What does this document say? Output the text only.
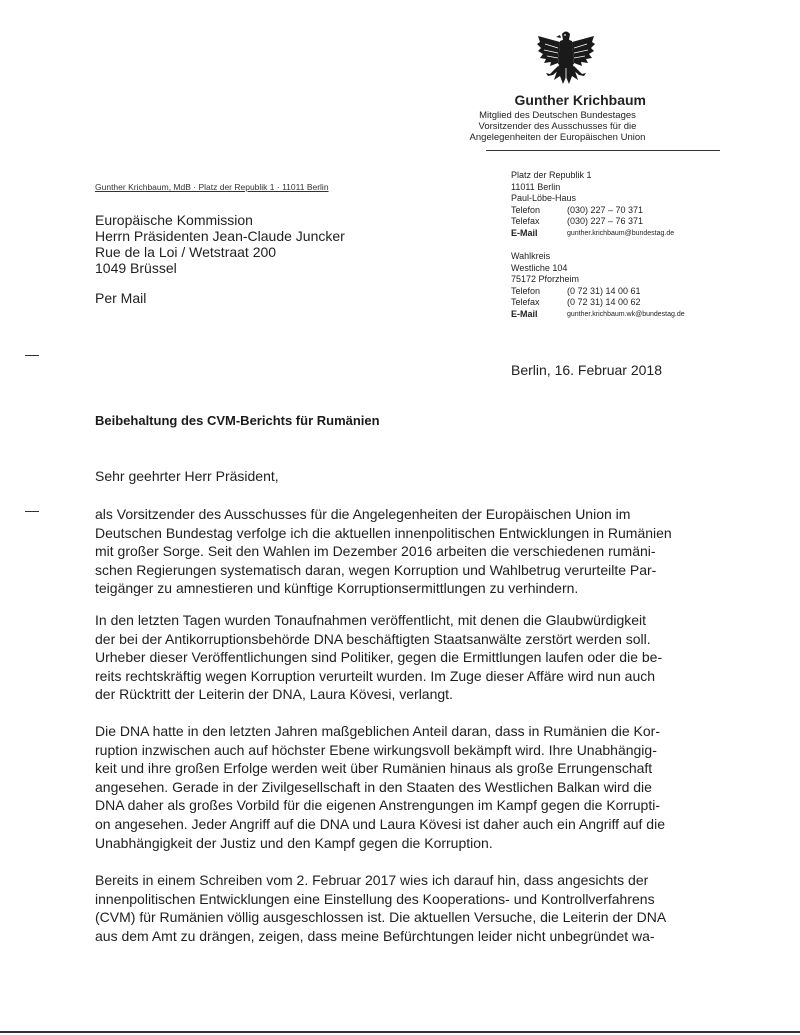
Gunther Krichbaum
Mitglied des Deutschen Bundestages
Vorsitzender des Ausschusses für die
Angelegenheiten der Europäischen Union
Gunther Krichbaum, MdB · Platz der Republik 1 · 11011 Berlin
Europäische Kommission
Herrn Präsidenten Jean-Claude Juncker
Rue de la Loi / Wetstraat 200
1049 Brüssel
Per Mail
Platz der Republik 1
11011 Berlin
Paul-Löbe-Haus
Telefon	(030) 227 – 70 371
Telefax	(030) 227 – 76 371
E-Mail	gunther.krichbaum@bundestag.de
Wahlkreis
Westliche 104
75172 Pforzheim
Telefon	(0 72 31) 14 00 61
Telefax	(0 72 31) 14 00 62
E-Mail	gunther.krichbaum.wk@bundestag.de
Berlin, 16. Februar 2018
Beibehaltung des CVM-Berichts für Rumänien
Sehr geehrter Herr Präsident,
als Vorsitzender des Ausschusses für die Angelegenheiten der Europäischen Union im
Deutschen Bundestag verfolge ich die aktuellen innenpolitischen Entwicklungen in Rumänien
mit großer Sorge. Seit den Wahlen im Dezember 2016 arbeiten die verschiedenen rumäni-
schen Regierungen systematisch daran, wegen Korruption und Wahlbetrug verurteilte Par-
teigänger zu amnestieren und künftige Korruptionsermittlungen zu verhindern.
In den letzten Tagen wurden Tonaufnahmen veröffentlicht, mit denen die Glaubwürdigkeit
der bei der Antikorruptionsbehörde DNA beschäftigten Staatsanwälte zerstört werden soll.
Urheber dieser Veröffentlichungen sind Politiker, gegen die Ermittlungen laufen oder die be-
reits rechtskräftig wegen Korruption verurteilt wurden. Im Zuge dieser Affäre wird nun auch
der Rücktritt der Leiterin der DNA, Laura Kövesi, verlangt.
Die DNA hatte in den letzten Jahren maßgeblichen Anteil daran, dass in Rumänien die Kor-
ruption inzwischen auch auf höchster Ebene wirkungsvoll bekämpft wird. Ihre Unabhängig-
keit und ihre großen Erfolge werden weit über Rumänien hinaus als große Errungenschaft
angesehen. Gerade in der Zivilgesellschaft in den Staaten des Westlichen Balkan wird die
DNA daher als großes Vorbild für die eigenen Anstrengungen im Kampf gegen die Korrupti-
on angesehen. Jeder Angriff auf die DNA und Laura Kövesi ist daher auch ein Angriff auf die
Unabhängigkeit der Justiz und den Kampf gegen die Korruption.
Bereits in einem Schreiben vom 2. Februar 2017 wies ich darauf hin, dass angesichts der
innenpolitischen Entwicklungen eine Einstellung des Kooperations- und Kontrollverfahrens
(CVM) für Rumänien völlig ausgeschlossen ist. Die aktuellen Versuche, die Leiterin der DNA
aus dem Amt zu drängen, zeigen, dass meine Befürchtungen leider nicht unbegründet wa-
